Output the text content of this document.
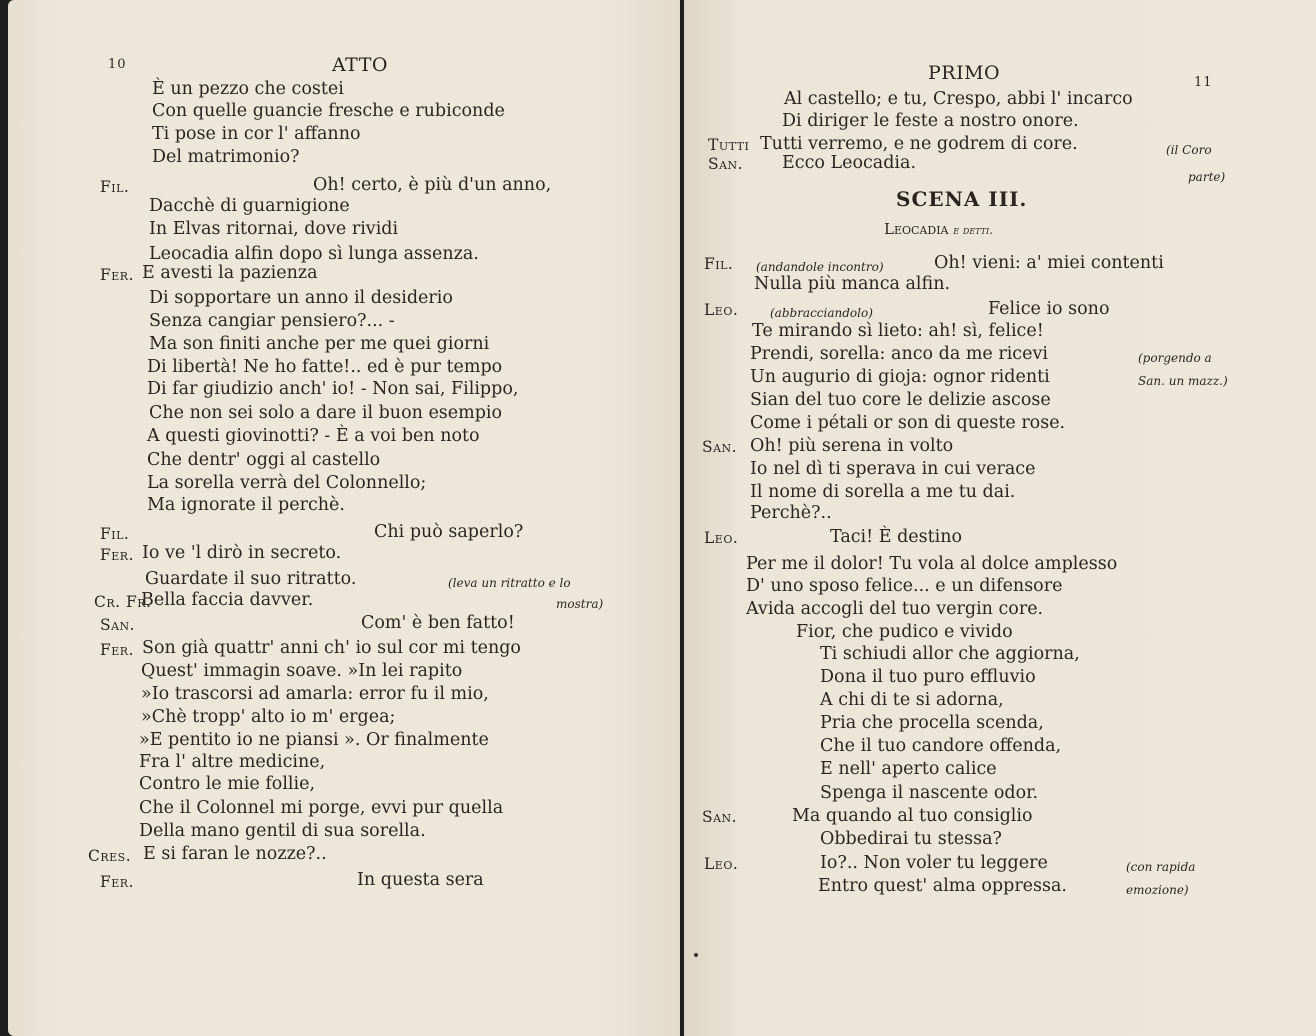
10	ATTO
È un pezzo che costei
Con quelle guancie fresche e rubiconde
Ti pose in cor l' affanno
Del matrimonio?
Fil.	Oh! certo, è più d'un anno,
Dacchè di guarnigione
In Elvas ritornai, dove rividi
Leocadia alfin dopo sì lunga assenza.
Fer. E avesti la pazienza
Di sopportare un anno il desiderio
Senza cangiar pensiero?... -
Ma son finiti anche per me quei giorni
Di libertà! Ne ho fatte!.. ed è pur tempo
Di far giudizio anch' io! - Non sai, Filippo,
Che non sei solo a dare il buon esempio
A questi giovinotti? - È a voi ben noto
Che dentr' oggi al castello
La sorella verrà del Colonnello;
Ma ignorate il perchè.
Fil.	Chi può saperlo?
Fer. Io ve 'l dirò in secreto.
Guardate il suo ritratto.	(leva un ritratto e lo
Cr. Fr.
Bella faccia davver.	mostra)
San.	Com' è ben fatto!
Fer. Son già quattr' anni ch' io sul cor mi tengo
Quest' immagin soave. »In lei rapito
»Io trascorsi ad amarla: error fu il mio,
»Chè tropp' alto io m' ergea;
»E pentito io ne piansi ». Or finalmente
Fra l' altre medicine,
Contro le mie follie,
Che il Colonnel mi porge, evvi pur quella
Della mano gentil di sua sorella.
Cres. E si faran le nozze?..
Fer.	In questa sera
PRIMO	11
Al castello; e tu, Crespo, abbi l' incarco
Di diriger le feste a nostro onore.
Tutti Tutti verremo, e ne godrem di core.	(il Coro
San. Ecco Leocadia.
parte)
SCENA III.
Leocadia e detti.
Fil. (andandole incontro)	Oh! vieni: a' miei contenti
Nulla più manca alfin.
Leo.	(abbracciandolo)	Felice io sono
Te mirando sì lieto: ah! sì, felice!
Prendi, sorella: anco da me ricevi	(porgendo a
Un augurio di gioja: ognor ridenti	San. un mazz.)
Sian del tuo core le delizie ascose
Come i pétali or son di queste rose.
San. Oh! più serena in volto
Io nel dì ti sperava in cui verace
Il nome di sorella a me tu dai.
Perchè?..
Leo.	Taci! È destino
Per me il dolor! Tu vola al dolce amplesso
D' uno sposo felice... e un difensore
Avida accogli del tuo vergin core.
Fior, che pudico e vivido
Ti schiudi allor che aggiorna,
Dona il tuo puro effluvio
A chi di te si adorna,
Pria che procella scenda,
Che il tuo candore offenda,
E nell' aperto calice
Spenga il nascente odor.
San.	Ma quando al tuo consiglio
Obbedirai tu stessa?
Leo.	Io?.. Non voler tu leggere	(con rapida
Entro quest' alma oppressa.	emozione)
